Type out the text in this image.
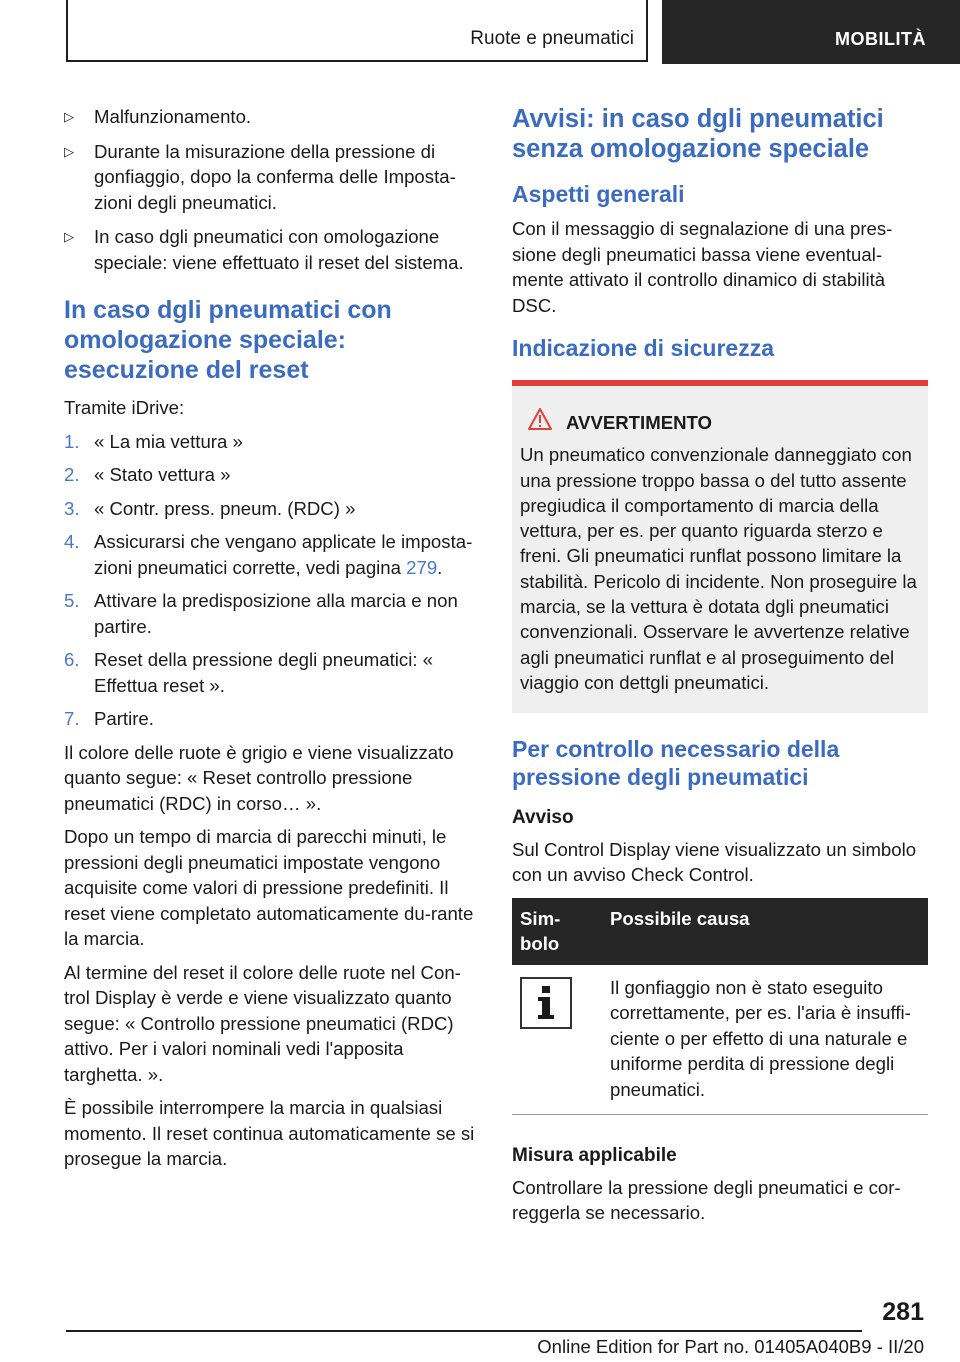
Ruote e pneumatici	MOBILITÀ
▷ Malfunzionamento.
▷ Durante la misurazione della pressione di gonfiaggio, dopo la conferma delle Imposta-zioni degli pneumatici.
▷ In caso dgli pneumatici con omologazione speciale: viene effettuato il reset del sistema.
In caso dgli pneumatici con omologazione speciale: esecuzione del reset

Tramite iDrive:

1. « La mia vettura »
2. « Stato vettura »
3. « Contr. press. pneum. (RDC) »
4. Assicurarsi che vengano applicate le imposta-zioni pneumatici corrette, vedi pagina 279.
5. Attivare la predisposizione alla marcia e non partire.
6. Reset della pressione degli pneumatici: « Effettua reset ».
7. Partire.

Il colore delle ruote è grigio e viene visualizzato quanto segue: « Reset controllo pressione pneumatici (RDC) in corso… ».

Dopo un tempo di marcia di parecchi minuti, le pressioni degli pneumatici impostate vengono acquisite come valori di pressione predefiniti. Il reset viene completato automaticamente du-rante la marcia.

Al termine del reset il colore delle ruote nel Con-trol Display è verde e viene visualizzato quanto segue: « Controllo pressione pneumatici (RDC) attivo. Per i valori nominali vedi l'apposita targhetta. ».

È possibile interrompere la marcia in qualsiasi momento. Il reset continua automaticamente se si prosegue la marcia.

Avvisi: in caso dgli pneumatici senza omologazione speciale
Aspetti generali

Con il messaggio di segnalazione di una pres-sione degli pneumatici bassa viene eventual-mente attivato il controllo dinamico di stabilità DSC.

Indicazione di sicurezza
AVVERTIMENTO
Un pneumatico convenzionale danneggiato con una pressione troppo bassa o del tutto assente pregiudica il comportamento di marcia della vettura, per es. per quanto riguarda sterzo e freni. Gli pneumatici runflat possono limitare la stabilità. Pericolo di incidente. Non proseguire la marcia, se la vettura è dotata dgli pneumatici convenzionali. Osservare le avvertenze relative agli pneumatici runflat e al proseguimento del viaggio con dettgli pneumatici.
Per controllo necessario della pressione degli pneumatici
Avviso

Sul Control Display viene visualizzato un simbolo con un avviso Check Control.

Sim-bolo	Possibile causa

	Il gonfiaggio non è stato eseguito correttamente, per es. l'aria è insuffi-ciente o per effetto di una naturale e uniforme perdita di pressione degli pneumatici.
Misura applicabile

Controllare la pressione degli pneumatici e cor-reggerla se necessario.

281
Online Edition for Part no. 01405A040B9 - II/20
